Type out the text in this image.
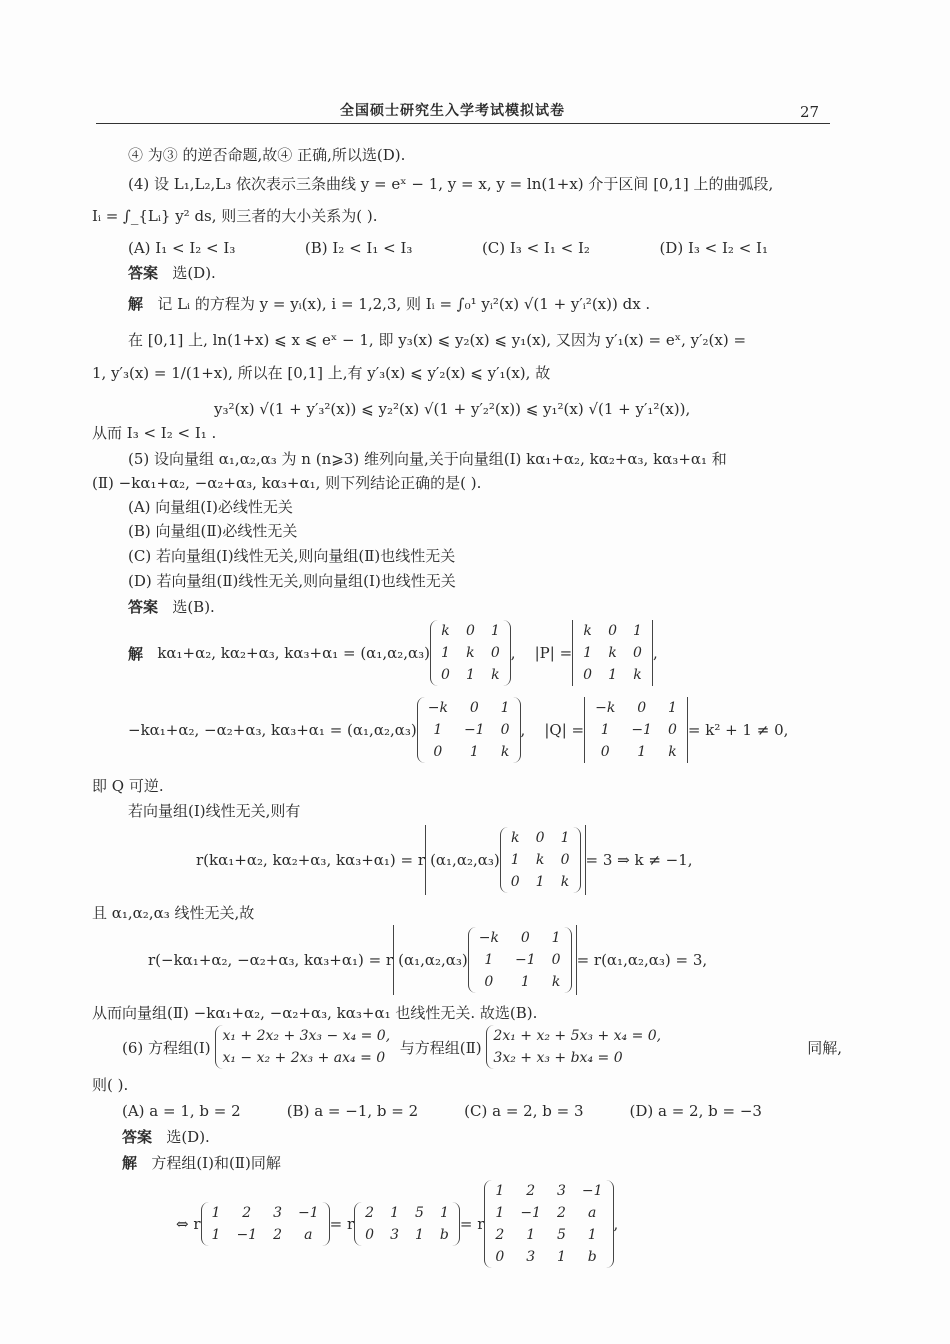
全国硕士研究生入学考试模拟试卷	27
④ 为③ 的逆否命题,故④ 正确,所以选(D).
(4) 设 L₁,L₂,L₃ 依次表示三条曲线 y = eˣ − 1, y = x, y = ln(1+x) 介于区间 [0,1] 上的曲弧段,
Iᵢ = ∫_{Lᵢ} y² ds, 则三者的大小关系为( ).
(A) I₁ < I₂ < I₃	(B) I₂ < I₁ < I₃	(C) I₃ < I₁ < I₂	(D) I₃ < I₂ < I₁
答案 选(D).
解 记 Lᵢ 的方程为 y = yᵢ(x), i = 1,2,3, 则 Iᵢ = ∫₀¹ yᵢ²(x) √(1 + y′ᵢ²(x)) dx .
在 [0,1] 上, ln(1+x) ⩽ x ⩽ eˣ − 1, 即 y₃(x) ⩽ y₂(x) ⩽ y₁(x), 又因为 y′₁(x) = eˣ, y′₂(x) =
1, y′₃(x) = 1/(1+x), 所以在 [0,1] 上,有 y′₃(x) ⩽ y′₂(x) ⩽ y′₁(x), 故
y₃²(x) √(1 + y′₃²(x)) ⩽ y₂²(x) √(1 + y′₂²(x)) ⩽ y₁²(x) √(1 + y′₁²(x)),
从而 I₃ < I₂ < I₁ .
(5) 设向量组 α₁,α₂,α₃ 为 n (n⩾3) 维列向量,关于向量组(Ⅰ) kα₁+α₂, kα₂+α₃, kα₃+α₁ 和
(Ⅱ) −kα₁+α₂, −α₂+α₃, kα₃+α₁, 则下列结论正确的是( ).
(A) 向量组(Ⅰ)必线性无关
(B) 向量组(Ⅱ)必线性无关
(C) 若向量组(Ⅰ)线性无关,则向量组(Ⅱ)也线性无关
(D) 若向量组(Ⅱ)线性无关,则向量组(Ⅰ)也线性无关
答案 选(B).
解
kα₁+α₂, kα₂+α₃, kα₃+α₁ = (α₁,α₂,α₃)
k	0	1
1	k	0
0	1	k
, |P| =
k	0	1
1	k	0
0	1	k
,
−kα₁+α₂, −α₂+α₃, kα₃+α₁ = (α₁,α₂,α₃)
−k	0	1
1	−1	0
0	1	k
, |Q| =
−k	0	1
1	−1	0
0	1	k
= k² + 1 ≠ 0,
即 Q 可逆.
若向量组(Ⅰ)线性无关,则有
r(kα₁+α₂, kα₂+α₃, kα₃+α₁) = r (α₁,α₂,α₃)
k	0	1
1	k	0
0	1	k
= 3 ⇒ k ≠ −1,
且 α₁,α₂,α₃ 线性无关,故
r(−kα₁+α₂, −α₂+α₃, kα₃+α₁) = r (α₁,α₂,α₃)
−k	0	1
1	−1	0
0	1	k
= r(α₁,α₂,α₃) = 3,
从而向量组(Ⅱ) −kα₁+α₂, −α₂+α₃, kα₃+α₁ 也线性无关. 故选(B).
(6) 方程组(Ⅰ)

x₁ + 2x₂ + 3x₃ − x₄ = 0,
x₁ − x₂ + 2x₃ + ax₄ = 0

与方程组(Ⅱ)

2x₁ + x₂ + 5x₃ + x₄ = 0,
3x₂ + x₃ + bx₄ = 0
同解,
则( ).
(A) a = 1, b = 2	(B) a = −1, b = 2	(C) a = 2, b = 3	(D) a = 2, b = −3
答案 选(D).
解 方程组(Ⅰ)和(Ⅱ)同解
⇔ r
1	2	3	−1
1	−1	2	a
= r
2	1	5	1
0	3	1	b
= r
1	2	3	−1
1	−1	2	a
2	1	5	1
0	3	1	b
,
